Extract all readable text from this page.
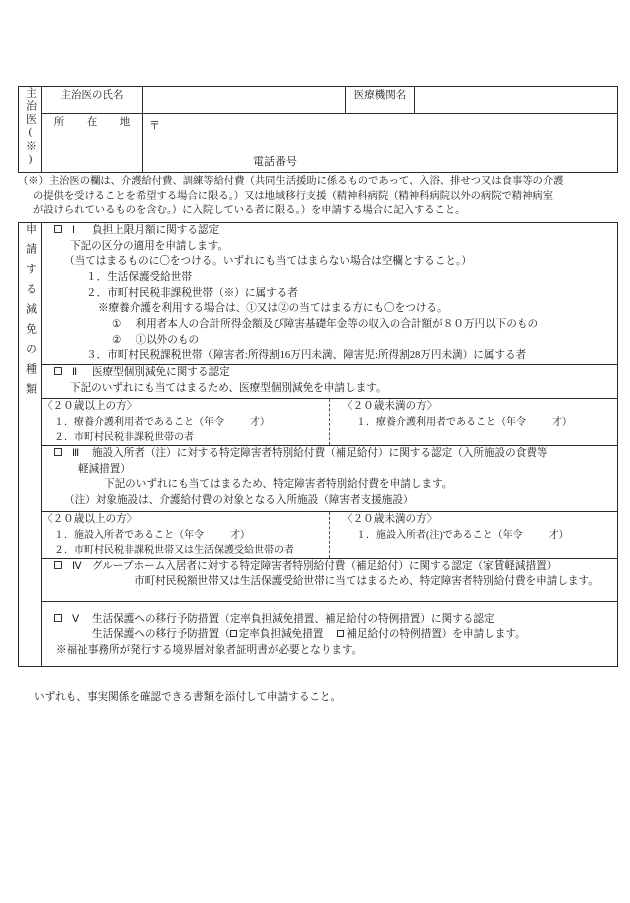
主治医(※)	主治医の氏名		医療機関名	
	所　在　地	〒
電話番号		
（※）主治医の欄は、介護給付費、訓練等給付費（共同生活援助に係るものであって、入浴、排せつ又は食事等の介護
の提供を受けることを希望する場合に限る。）又は地域移行支援（精神科病院（精神科病院以外の病院で精神病室
が設けられているものを含む。）に入院している者に限る。）を申請する場合に記入すること。
申請する減免の種類	Ⅰ 負担上限月額に関する認定
下記の区分の適用を申請します。
（当てはまるものに〇をつける。いずれにも当てはまらない場合は空欄とすること。）
１．生活保護受給世帯
２．市町村民税非課税世帯（※）に属する者
※療養介護を利用する場合は、①又は②の当てはまる方にも〇をつける。
① 利用者本人の合計所得金額及び障害基礎年金等の収入の合計額が８０万円以下のもの
② ①以外のもの
３．市町村民税課税世帯（障害者:所得割16万円未満、障害児:所得割28万円未満）に属する者

Ⅱ 医療型個別減免に関する認定
下記のいずれにも当てはまるため、医療型個別減免を申請します。

〈２０歳以上の方〉
１．療養介護利用者であること（年令	才）
２．市町村民税非課税世帯の者

〈２０歳未満の方〉
１．療養介護利用者であること（年令	才）

Ⅲ 施設入所者（注）に対する特定障害者特別給付費（補足給付）に関する認定（入所施設の食費等
軽減措置）
下記のいずれにも当てはまるため、特定障害者特別給付費を申請します。
（注）対象施設は、介護給付費の対象となる入所施設（障害者支援施設）

〈２０歳以上の方〉
１．施設入所者であること（年令	才）
２．市町村民税非課税世帯又は生活保護受給世帯の者

〈２０歳未満の方〉
１．施設入所者(注)であること（年令	才）

Ⅳ グループホーム入居者に対する特定障害者特別給付費（補足給付）に関する認定（家賃軽減措置）
市町村民税額世帯又は生活保護受給世帯に当てはまるため、特定障害者特別給付費を申請します。

Ⅴ 生活保護への移行予防措置（定率負担減免措置、補足給付の特例措置）に関する認定
生活保護への移行予防措置（ 定率負担減免措置 補足給付の特例措置）を申請します。
※福祉事務所が発行する境界層対象者証明書が必要となります。
いずれも、事実関係を確認できる書類を添付して申請すること。
